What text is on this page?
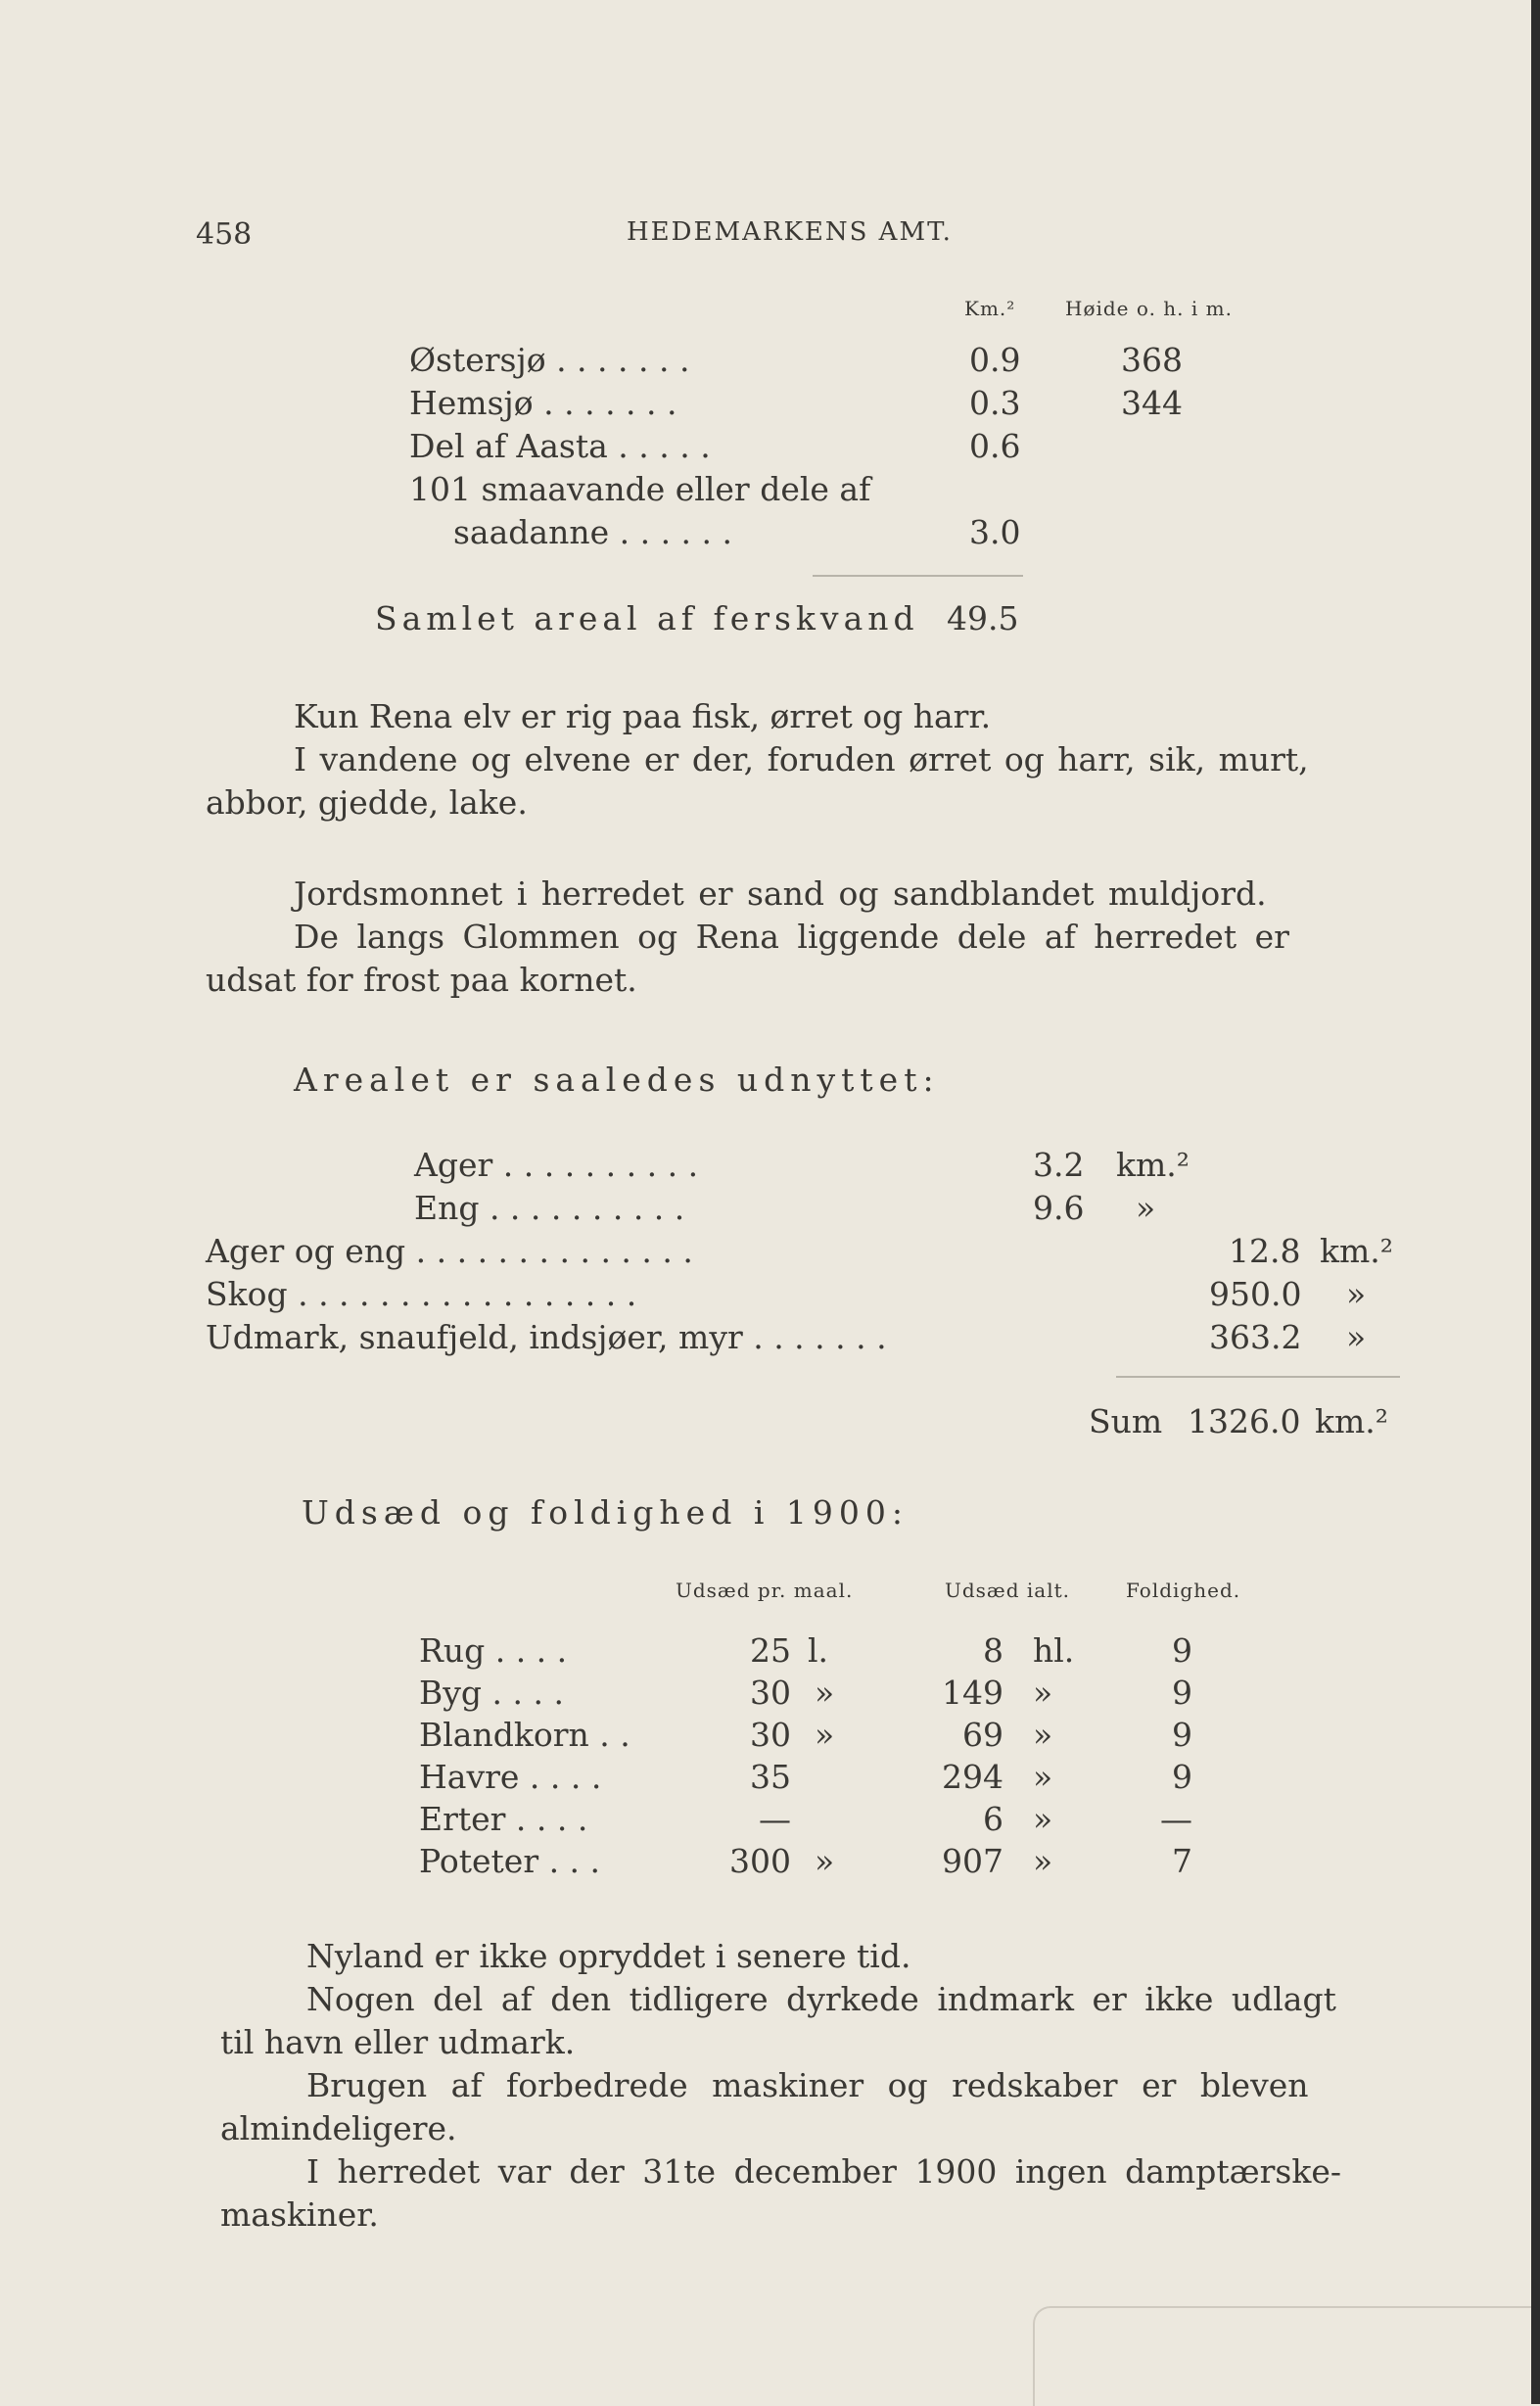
458	HEDEMARKENS AMT.
Km.²	Høide o. h. i m.
Østersjø . . . . . . .	0.9	368
Hemsjø . . . . . . .	0.3	344
Del af Aasta . . . . .	0.6
101 smaavande eller dele af
saadanne . . . . . .	3.0
Samlet areal af ferskvand 49.5
Kun Rena elv er rig paa fisk, ørret og harr.
I vandene og elvene er der, foruden ørret og harr, sik, murt,
abbor, gjedde, lake.
Jordsmonnet i herredet er sand og sandblandet muldjord.
De langs Glommen og Rena liggende dele af herredet er
udsat for frost paa kornet.
Arealet er saaledes udnyttet:
Ager . . . . . . . . . .	3.2 km.²
Eng . . . . . . . . . .	9.6 »
Ager og eng . . . . . . . . . . . . . .	12.8 km.²
Skog . . . . . . . . . . . . . . . . .	950.0 »
Udmark, snaufjeld, indsjøer, myr . . . . . . .	363.2 »
Sum 1326.0 km.²
Udsæd og foldighed i 1900:
Udsæd pr. maal.	Udsæd ialt.	Foldighed.
Rug . . . .	25 l.	8 hl.	9
Byg . . . .	30 »	149 »	9
Blandkorn . .	30 »	69 »	9
Havre . . . .	35	294 »	9
Erter . . . .	—	6 »	—
Poteter . . .	300 »	907 »	7
Nyland er ikke opryddet i senere tid.
Nogen del af den tidligere dyrkede indmark er ikke udlagt
til havn eller udmark.
Brugen af forbedrede maskiner og redskaber er bleven
almindeligere.
I herredet var der 31te december 1900 ingen damptærske-
maskiner.
